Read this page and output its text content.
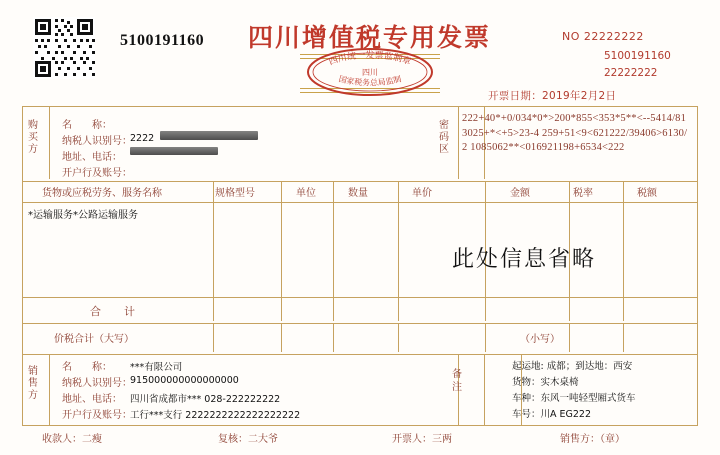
5100191160 四川增值税专用发票	NO 22222222
5100191160
22222222
四川统一发票监制章
国家税务总局监制
四川
开票日期：2019年2月2日
购
买
方
名　　称：
纳税人识别号：
2222
地址、电话：
开户行及账号：
密
码
区
222+40*+0/034*0*>200*855<353*5**<--5414/813025+*<+5>23-4 259+51<9<621222/39406>6130/2 1085062**<016921198+6534<222
货物或应税劳务、服务名称	规格型号	单位	数量	单价	金额	税率	税额
*运输服务*公路运输服务
此处信息省略
合　计
价税合计（大写）	（小写）
销
售
方
名　　称： ***有限公司
纳税人识别号：
915000000000000000
地址、电话： 四川省成都市*** 028-222222222
开户行及账号：
工行***支行 2222222222222222222
备
注
起运地: 成都；到达地：西安
货物：实木桌椅
车种：东风一吨轻型厢式货车
车号：川A EG222
收款人：二瘦	复核：二大爷	开票人：三两	销售方：（章）
